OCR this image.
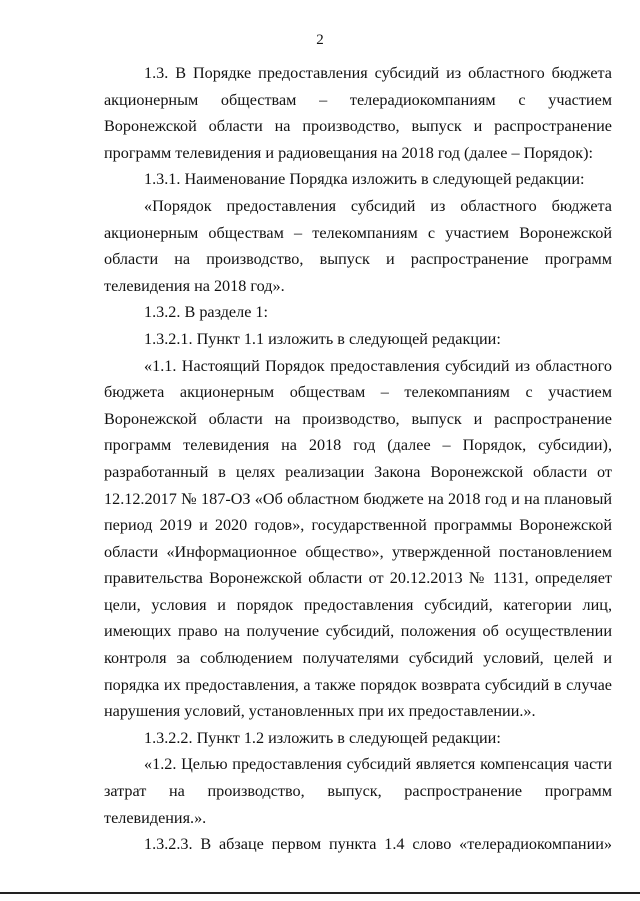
2

1.3. В Порядке предоставления субсидий из областного бюджета акционерным обществам – телерадиокомпаниям с участием Воронежской области на производство, выпуск и распространение программ телевидения и радиовещания на 2018 год (далее – Порядок):

1.3.1. Наименование Порядка изложить в следующей редакции:

«Порядок предоставления субсидий из областного бюджета акционерным обществам – телекомпаниям с участием Воронежской области на производство, выпуск и распространение программ телевидения на 2018 год».

1.3.2. В разделе 1:

1.3.2.1. Пункт 1.1 изложить в следующей редакции:

«1.1. Настоящий Порядок предоставления субсидий из областного бюджета акционерным обществам – телекомпаниям с участием Воронежской области на производство, выпуск и распространение программ телевидения на 2018 год (далее – Порядок, субсидии), разработанный в целях реализации Закона Воронежской области от 12.12.2017 № 187-ОЗ «Об областном бюджете на 2018 год и на плановый период 2019 и 2020 годов», государственной программы Воронежской области «Информационное общество», утвержденной постановлением правительства Воронежской области от 20.12.2013 № 1131, определяет цели, условия и порядок предоставления субсидий, категории лиц, имеющих право на получение субсидий, положения об осуществлении контроля за соблюдением получателями субсидий условий, целей и порядка их предоставления, а также порядок возврата субсидий в случае нарушения условий, установленных при их предоставлении.».

1.3.2.2. Пункт 1.2 изложить в следующей редакции:

«1.2. Целью предоставления субсидий является компенсация части затрат на производство, выпуск, распространение программ телевидения.».

1.3.2.3. В абзаце первом пункта 1.4 слово «телерадиокомпании»
